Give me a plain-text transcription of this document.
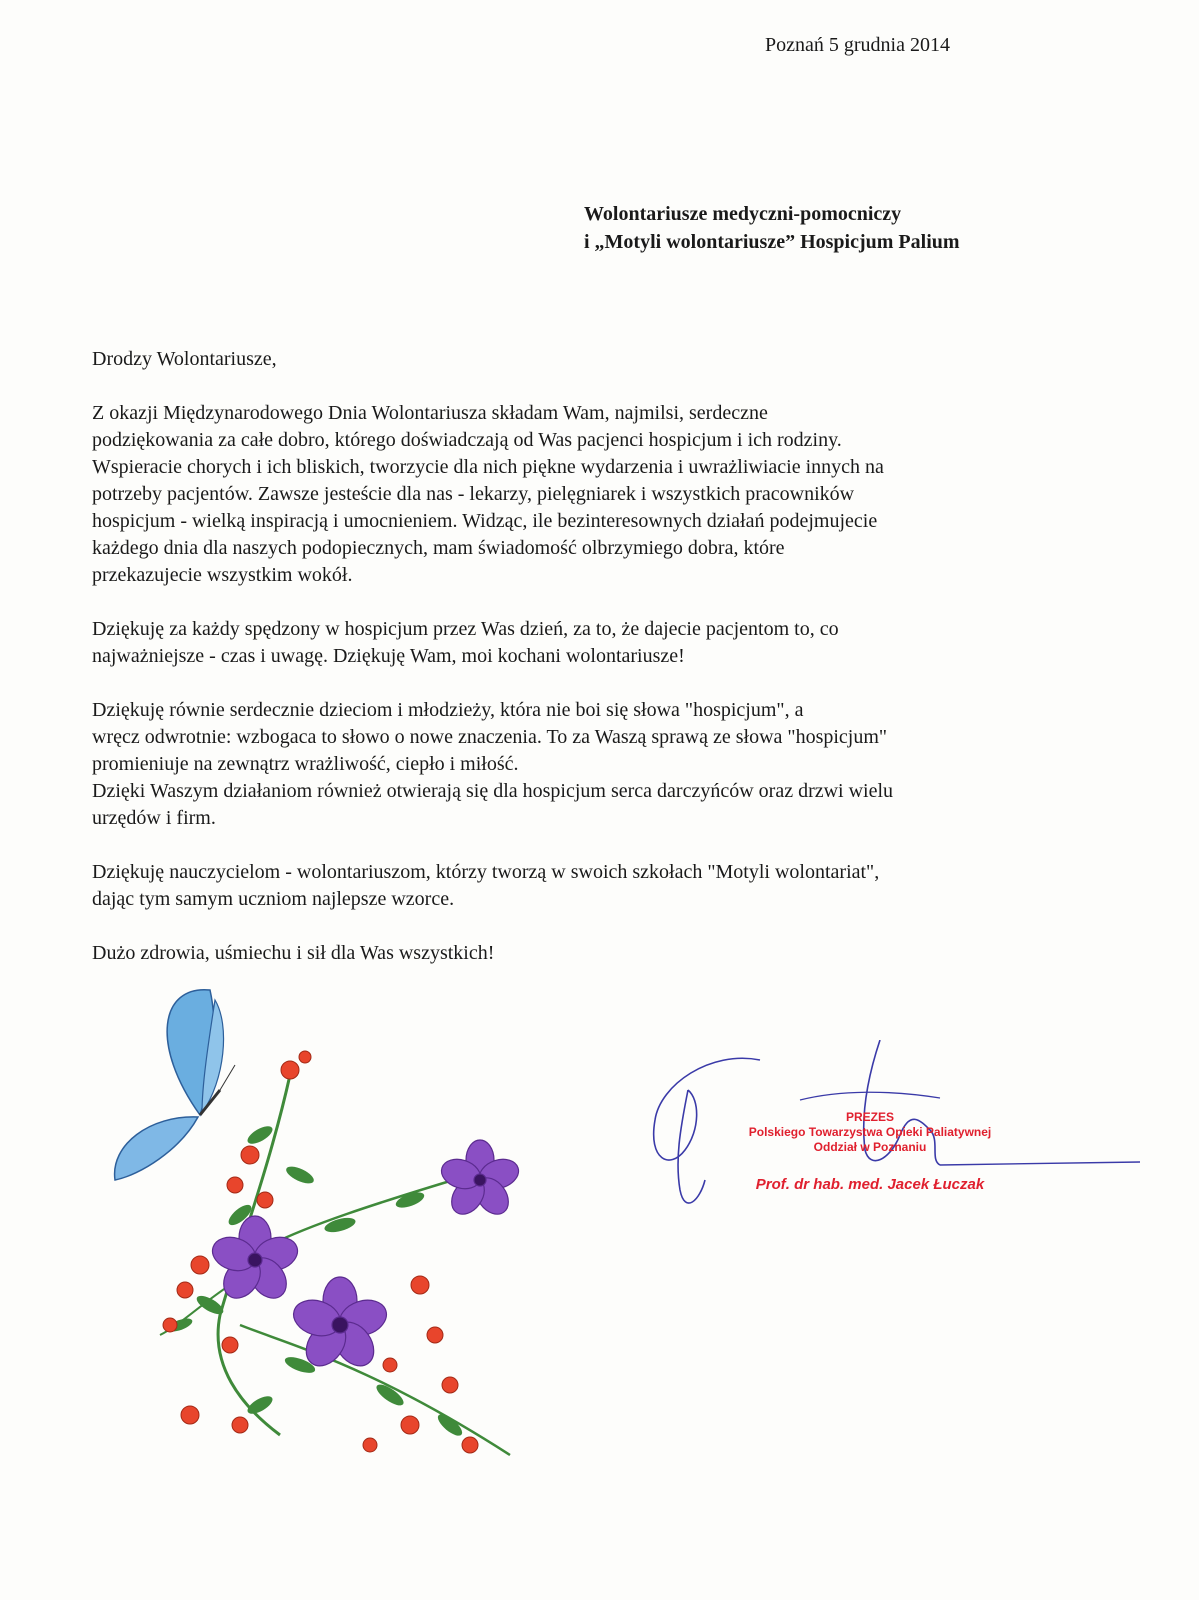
Poznań 5 grudnia 2014
Wolontariusze medyczni-pomocniczy
i „Motyli wolontariusze” Hospicjum Palium

Drodzy Wolontariusze,

Z okazji Międzynarodowego Dnia Wolontariusza składam Wam, najmilsi, serdeczne
podziękowania za całe dobro, którego doświadczają od Was pacjenci hospicjum i ich rodziny.
Wspieracie chorych i ich bliskich, tworzycie dla nich piękne wydarzenia i uwrażliwiacie innych na
potrzeby pacjentów. Zawsze jesteście dla nas - lekarzy, pielęgniarek i wszystkich pracowników
hospicjum - wielką inspiracją i umocnieniem. Widząc, ile bezinteresownych działań podejmujecie
każdego dnia dla naszych podopiecznych, mam świadomość olbrzymiego dobra, które
przekazujecie wszystkim wokół.

Dziękuję za każdy spędzony w hospicjum przez Was dzień, za to, że dajecie pacjentom to, co
najważniejsze - czas i uwagę. Dziękuję Wam, moi kochani wolontariusze!

Dziękuję równie serdecznie dzieciom i młodzieży, która nie boi się słowa "hospicjum", a
wręcz odwrotnie: wzbogaca to słowo o nowe znaczenia. To za Waszą sprawą ze słowa "hospicjum"
promieniuje na zewnątrz wrażliwość, ciepło i miłość.
Dzięki Waszym działaniom również otwierają się dla hospicjum serca darczyńców oraz drzwi wielu
urzędów i firm.

Dziękuję nauczycielom - wolontariuszom, którzy tworzą w swoich szkołach "Motyli wolontariat",
dając tym samym uczniom najlepsze wzorce.

Dużo zdrowia, uśmiechu i sił dla Was wszystkich!

PREZES
Polskiego Towarzystwa Opieki Paliatywnej
Oddział w Poznaniu
Prof. dr hab. med. Jacek Łuczak
